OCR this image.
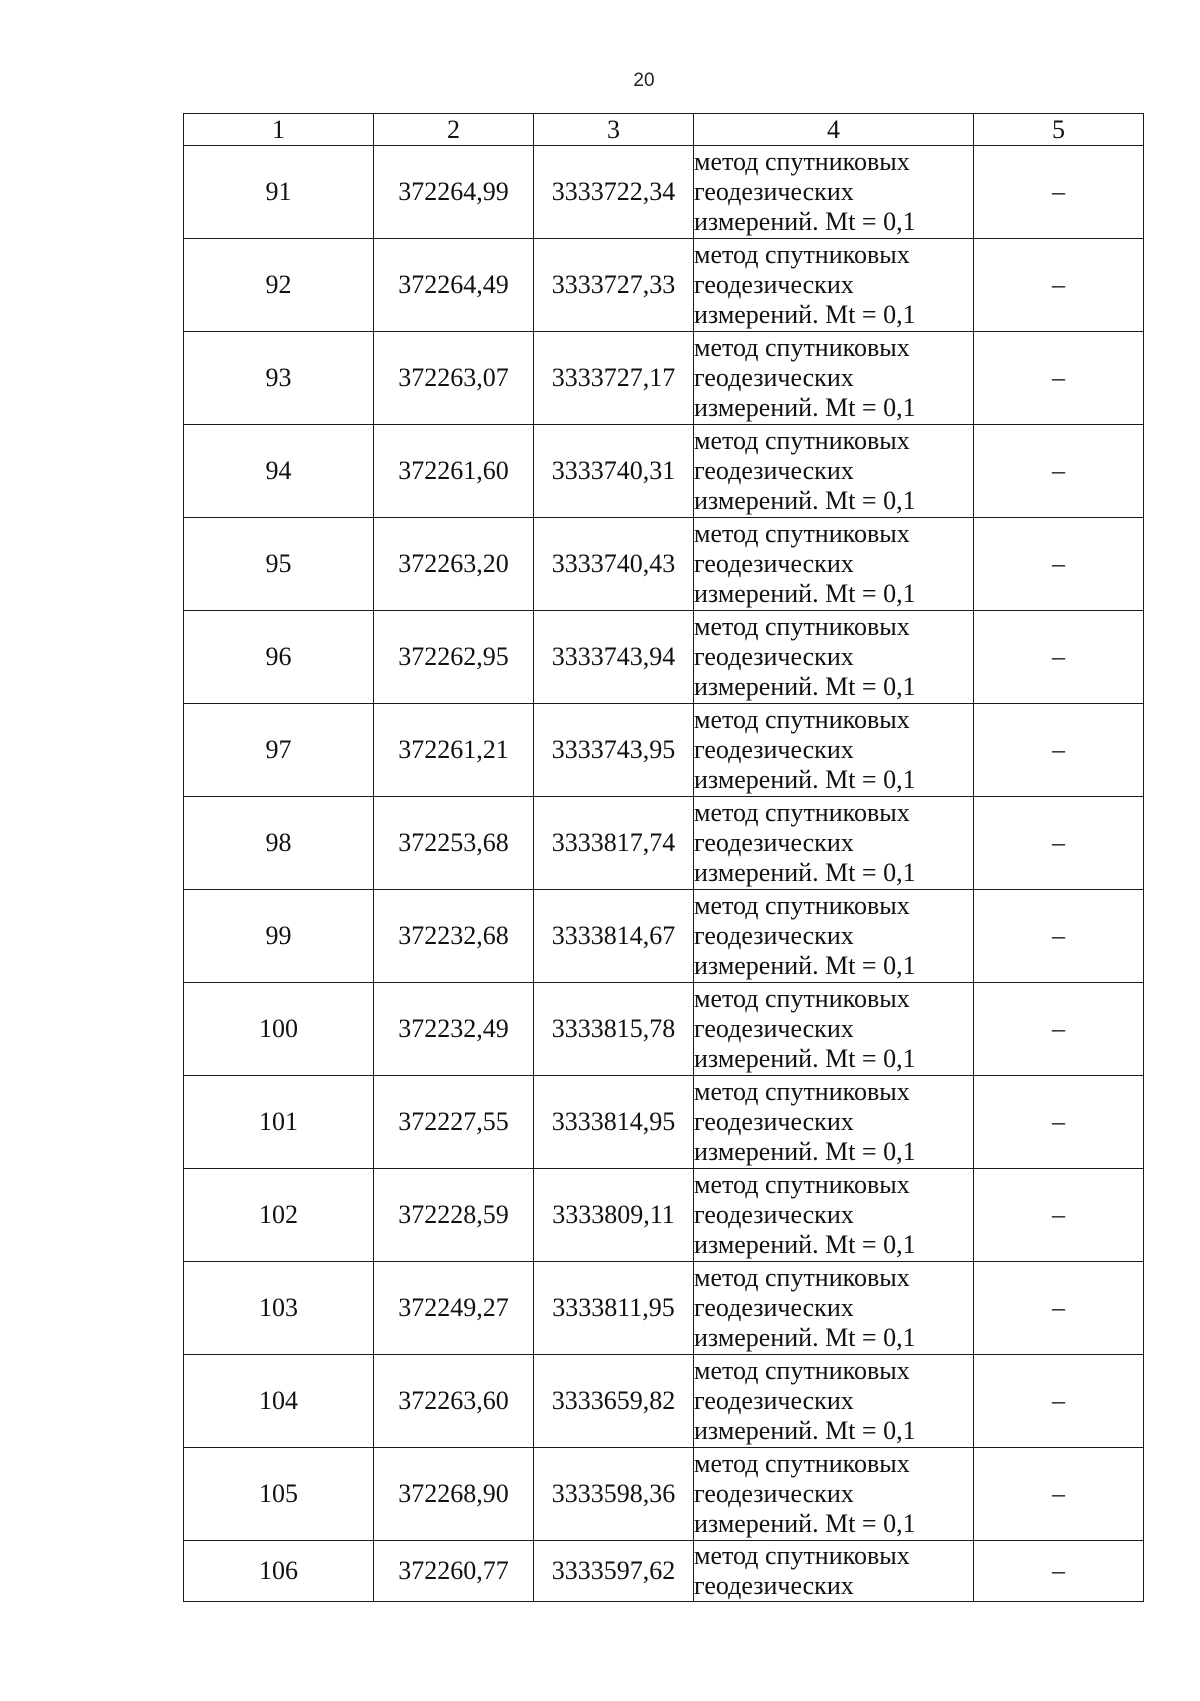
20
1	2	3	4	5
91	372264,99	3333722,34	метод спутниковых
геодезических
измерений. Mt = 0,1	–
92	372264,49	3333727,33	метод спутниковых
геодезических
измерений. Mt = 0,1	–
93	372263,07	3333727,17	метод спутниковых
геодезических
измерений. Mt = 0,1	–
94	372261,60	3333740,31	метод спутниковых
геодезических
измерений. Mt = 0,1	–
95	372263,20	3333740,43	метод спутниковых
геодезических
измерений. Mt = 0,1	–
96	372262,95	3333743,94	метод спутниковых
геодезических
измерений. Mt = 0,1	–
97	372261,21	3333743,95	метод спутниковых
геодезических
измерений. Mt = 0,1	–
98	372253,68	3333817,74	метод спутниковых
геодезических
измерений. Mt = 0,1	–
99	372232,68	3333814,67	метод спутниковых
геодезических
измерений. Mt = 0,1	–
100	372232,49	3333815,78	метод спутниковых
геодезических
измерений. Mt = 0,1	–
101	372227,55	3333814,95	метод спутниковых
геодезических
измерений. Mt = 0,1	–
102	372228,59	3333809,11	метод спутниковых
геодезических
измерений. Mt = 0,1	–
103	372249,27	3333811,95	метод спутниковых
геодезических
измерений. Mt = 0,1	–
104	372263,60	3333659,82	метод спутниковых
геодезических
измерений. Mt = 0,1	–
105	372268,90	3333598,36	метод спутниковых
геодезических
измерений. Mt = 0,1	–
106	372260,77	3333597,62	метод спутниковых
геодезических	–
